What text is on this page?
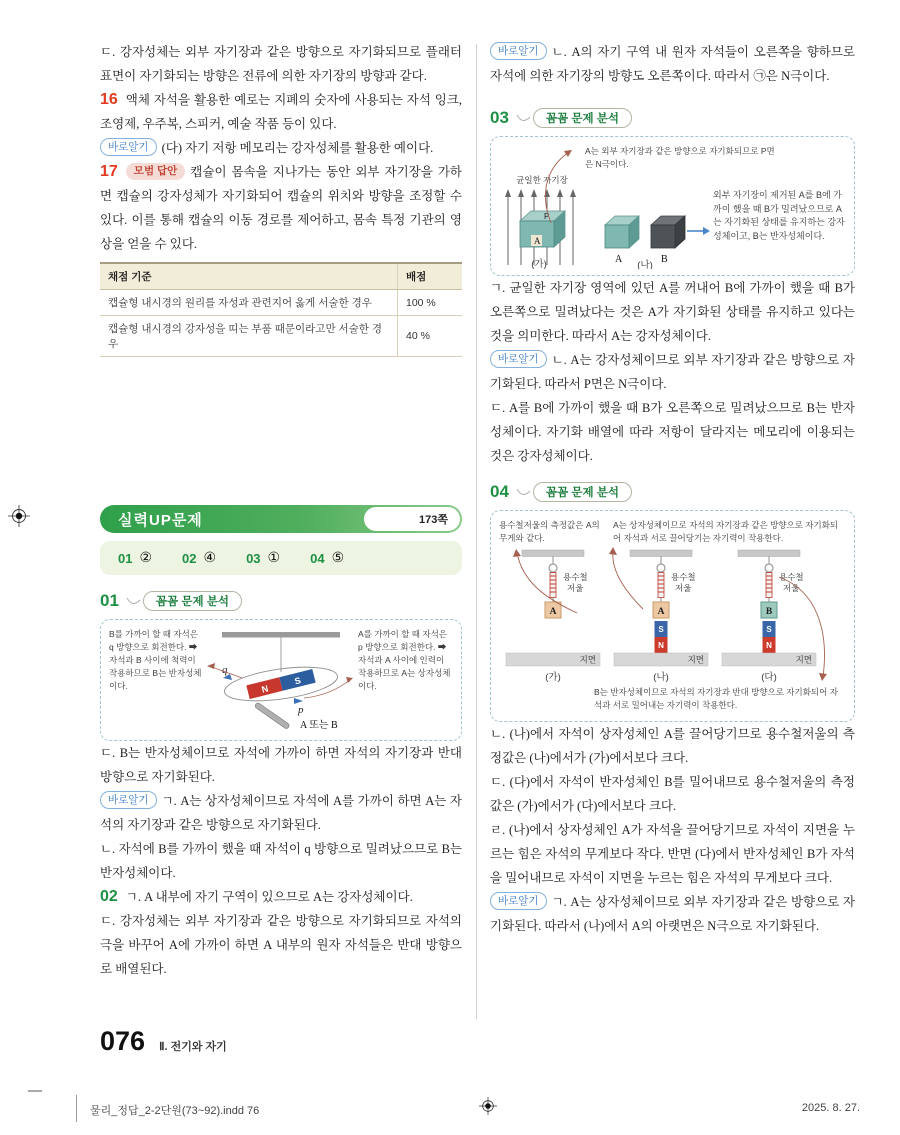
ㄷ. 강자성체는 외부 자기장과 같은 방향으로 자기화되므로 플래터 표면이 자기화되는 방향은 전류에 의한 자기장의 방향과 같다.

16 액체 자석을 활용한 예로는 지폐의 숫자에 사용되는 자석 잉크, 조영제, 우주복, 스피커, 예술 작품 등이 있다.

바로알기 (다) 자기 저항 메모리는 강자성체를 활용한 예이다.

17 모범 답안 캡슐이 몸속을 지나가는 동안 외부 자기장을 가하면 캡슐의 강자성체가 자기화되어 캡슐의 위치와 방향을 조정할 수 있다. 이를 통해 캡슐의 이동 경로를 제어하고, 몸속 특정 기관의 영상을 얻을 수 있다.

채점 기준	배점
캡슐형 내시경의 원리를 자성과 관련지어 옳게 서술한 경우	100 %
캡슐형 내시경의 강자성을 띠는 부품 때문이라고만 서술한 경우	40 %
실력UP문제	173쪽
01 ② 02 ④ 03 ① 04 ⑤
01	꼼꼼 문제 분석
B를 가까이 할 때 자석은 q 방향으로 회전한다. ➡ 자석과 B 사이에 척력이 작용하므로 B는 반자성체이다.	N
S
q
p
A 또는 B
A를 가까이 할 때 자석은 p 방향으로 회전한다. ➡ 자석과 A 사이에 인력이 작용하므로 A는 상자성체이다.

ㄷ. B는 반자성체이므로 자석에 가까이 하면 자석의 자기장과 반대 방향으로 자기화된다.

바로알기 ㄱ. A는 상자성체이므로 자석에 A를 가까이 하면 A는 자석의 자기장과 같은 방향으로 자기화된다.

ㄴ. 자석에 B를 가까이 했을 때 자석이 q 방향으로 밀려났으므로 B는 반자성체이다.

02 ㄱ. A 내부에 자기 구역이 있으므로 A는 강자성체이다.

ㄷ. 강자성체는 외부 자기장과 같은 방향으로 자기화되므로 자석의 극을 바꾸어 A에 가까이 하면 A 내부의 원자 자석들은 반대 방향으로 배열된다.

바로알기 ㄴ. A의 자기 구역 내 원자 자석들이 오른쪽을 향하므로 자석에 의한 자기장의 방향도 오른쪽이다. 따라서 ㉠은 N극이다.

03	꼼꼼 문제 분석
A는 외부 자기장과 같은 방향으로 자기화되므로 P면은 N극이다.
균일한 자기장
P
A
(가)	A	B
(나)
외부 자기장이 제거된 A를 B에 가까이 했을 때 B가 밀려났으므로 A는 자기화된 상태를 유지하는 강자성체이고, B는 반자성체이다.

ㄱ. 균일한 자기장 영역에 있던 A를 꺼내어 B에 가까이 했을 때 B가 오른쪽으로 밀려났다는 것은 A가 자기화된 상태를 유지하고 있다는 것을 의미한다. 따라서 A는 강자성체이다.

바로알기 ㄴ. A는 강자성체이므로 외부 자기장과 같은 방향으로 자기화된다. 따라서 P면은 N극이다.

ㄷ. A를 B에 가까이 했을 때 B가 오른쪽으로 밀려났으므로 B는 반자성체이다. 자기화 배열에 따라 저항이 달라지는 메모리에 이용되는 것은 강자성체이다.

04	꼼꼼 문제 분석
용수철저울의 측정값은 A의 무게와 같다.
A는 상자성체이므로 자석의 자기장과 같은 방향으로 자기화되어 자석과 서로 끌어당기는 자기력이 작용한다.
A
용수철
저울
지면
(가)
A
용수철
저울
S
N
지면
(나)
B
용수철
저울
S
N
지면
(다)
B는 반자성체이므로 자석의 자기장과 반대 방향으로 자기화되어 자석과 서로 밀어내는 자기력이 작용한다.

ㄴ. (나)에서 자석이 상자성체인 A를 끌어당기므로 용수철저울의 측정값은 (나)에서가 (가)에서보다 크다.

ㄷ. (다)에서 자석이 반자성체인 B를 밀어내므로 용수철저울의 측정값은 (가)에서가 (다)에서보다 크다.

ㄹ. (나)에서 상자성체인 A가 자석을 끌어당기므로 자석이 지면을 누르는 힘은 자석의 무게보다 작다. 반면 (다)에서 반자성체인 B가 자석을 밀어내므로 자석이 지면을 누르는 힘은 자석의 무게보다 크다.

바로알기 ㄱ. A는 상자성체이므로 외부 자기장과 같은 방향으로 자기화된다. 따라서 (나)에서 A의 아랫면은 N극으로 자기화된다.

076 Ⅱ. 전기와 자기
물리_정답_2-2단원(73~92).indd 76	2025. 8. 27.
